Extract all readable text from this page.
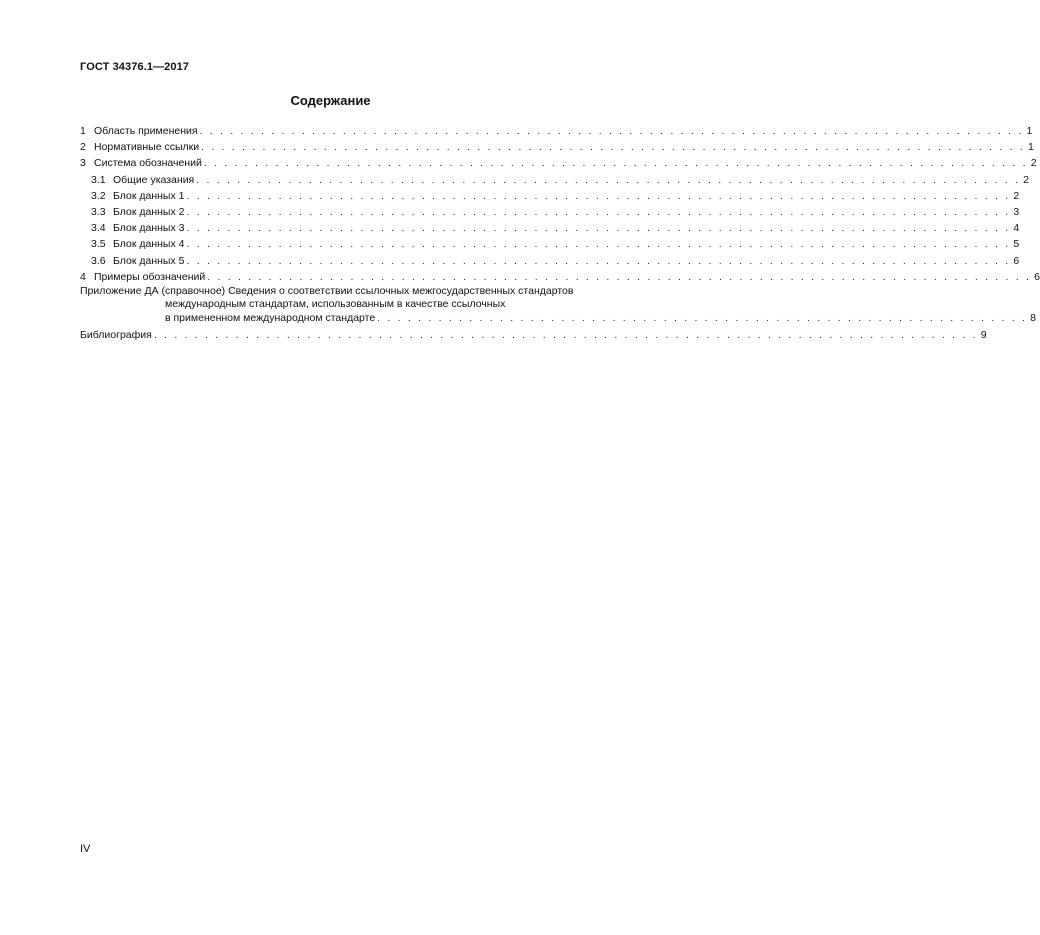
ГОСТ 34376.1—2017
Содержание
1 Область применения . . . . . . . . . . . . . . . . . . . . . . . . . . . . . . . . . . . . . . . . . . . . . . . . . . . . . . . . . . . . . . . . . . . . . . . . . . . . . . . . . 1
2 Нормативные ссылки . . . . . . . . . . . . . . . . . . . . . . . . . . . . . . . . . . . . . . . . . . . . . . . . . . . . . . . . . . . . . . . . . . . . . . . . . . . . . . . . . 1
3 Система обозначений . . . . . . . . . . . . . . . . . . . . . . . . . . . . . . . . . . . . . . . . . . . . . . . . . . . . . . . . . . . . . . . . . . . . . . . . . . . . . . . . . 2
3.1 Общие указания . . . . . . . . . . . . . . . . . . . . . . . . . . . . . . . . . . . . . . . . . . . . . . . . . . . . . . . . . . . . . . . . . . . . . . . . . . . . . . . . . 2
3.2 Блок данных 1 . . . . . . . . . . . . . . . . . . . . . . . . . . . . . . . . . . . . . . . . . . . . . . . . . . . . . . . . . . . . . . . . . . . . . . . . . . . . . . . . . 2
3.3 Блок данных 2 . . . . . . . . . . . . . . . . . . . . . . . . . . . . . . . . . . . . . . . . . . . . . . . . . . . . . . . . . . . . . . . . . . . . . . . . . . . . . . . . . 3
3.4 Блок данных 3 . . . . . . . . . . . . . . . . . . . . . . . . . . . . . . . . . . . . . . . . . . . . . . . . . . . . . . . . . . . . . . . . . . . . . . . . . . . . . . . . . 4
3.5 Блок данных 4 . . . . . . . . . . . . . . . . . . . . . . . . . . . . . . . . . . . . . . . . . . . . . . . . . . . . . . . . . . . . . . . . . . . . . . . . . . . . . . . . . 5
3.6 Блок данных 5 . . . . . . . . . . . . . . . . . . . . . . . . . . . . . . . . . . . . . . . . . . . . . . . . . . . . . . . . . . . . . . . . . . . . . . . . . . . . . . . . . 6
4 Примеры обозначений . . . . . . . . . . . . . . . . . . . . . . . . . . . . . . . . . . . . . . . . . . . . . . . . . . . . . . . . . . . . . . . . . . . . . . . . . . . . . . . . . 6
Приложение ДА (справочное) Сведения о соответствии ссылочных межгосударственных стандартов
международным стандартам, использованным в качестве ссылочных
в примененном международном стандарте . . . . . . . . . . . . . . . . . . . . . . . . . . . . . . . . . . . . . . . . . . . . . . . . . . . . . . . . . . . . . . . . 8
Библиография . . . . . . . . . . . . . . . . . . . . . . . . . . . . . . . . . . . . . . . . . . . . . . . . . . . . . . . . . . . . . . . . . . . . . . . . . . . . . . . . . 9
IV
